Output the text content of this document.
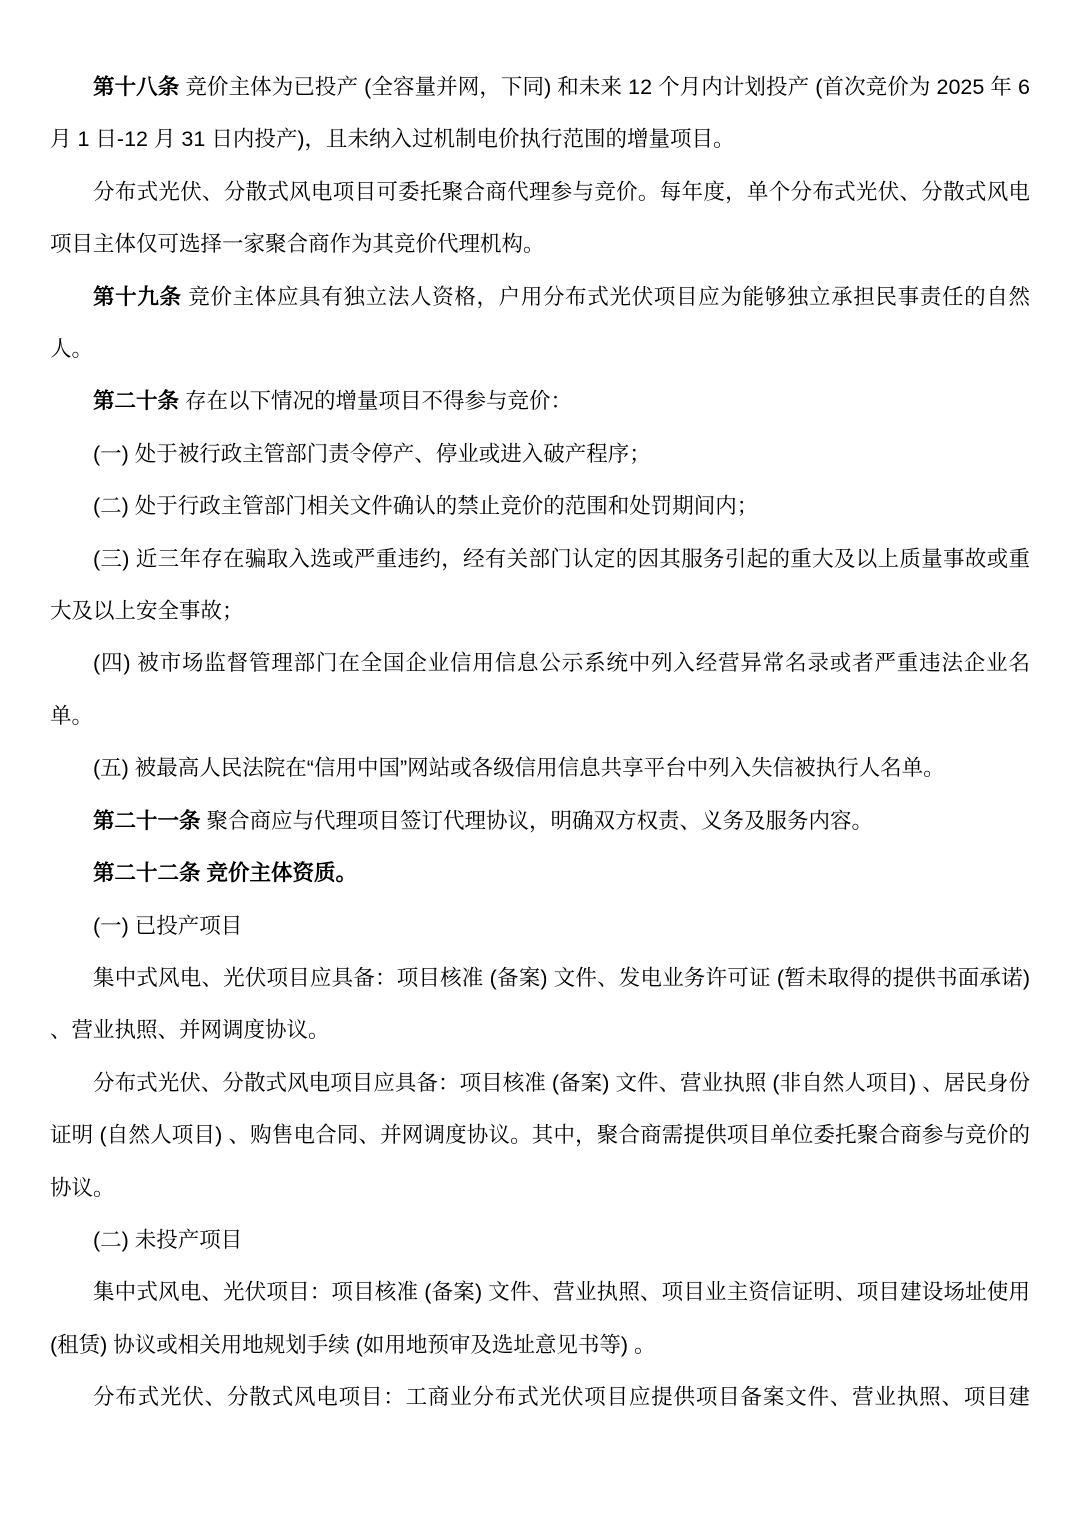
第十八条 竞价主体为已投产 (全容量并网，下同) 和未来 12 个月内计划投产 (首次竞价为 2025 年 6 月 1 日-12 月 31 日内投产)，且未纳入过机制电价执行范围的增量项目。

分布式光伏、分散式风电项目可委托聚合商代理参与竞价。每年度，单个分布式光伏、分散式风电项目主体仅可选择一家聚合商作为其竞价代理机构。

第十九条 竞价主体应具有独立法人资格，户用分布式光伏项目应为能够独立承担民事责任的自然人。

第二十条 存在以下情况的增量项目不得参与竞价：

(一) 处于被行政主管部门责令停产、停业或进入破产程序；

(二) 处于行政主管部门相关文件确认的禁止竞价的范围和处罚期间内；

(三) 近三年存在骗取入选或严重违约，经有关部门认定的因其服务引起的重大及以上质量事故或重大及以上安全事故；

(四) 被市场监督管理部门在全国企业信用信息公示系统中列入经营异常名录或者严重违法企业名单。

(五) 被最高人民法院在“信用中国”网站或各级信用信息共享平台中列入失信被执行人名单。

第二十一条 聚合商应与代理项目签订代理协议，明确双方权责、义务及服务内容。

第二十二条 竞价主体资质。

(一) 已投产项目

集中式风电、光伏项目应具备：项目核准 (备案) 文件、发电业务许可证 (暂未取得的提供书面承诺) 、营业执照、并网调度协议。

分布式光伏、分散式风电项目应具备：项目核准 (备案) 文件、营业执照 (非自然人项目) 、居民身份证明 (自然人项目) 、购售电合同、并网调度协议。其中，聚合商需提供项目单位委托聚合商参与竞价的协议。

(二) 未投产项目

集中式风电、光伏项目：项目核准 (备案) 文件、营业执照、项目业主资信证明、项目建设场址使用 (租赁) 协议或相关用地规划手续 (如用地预审及选址意见书等) 。

分布式光伏、分散式风电项目：工商业分布式光伏项目应提供项目备案文件、营业执照、项目建
